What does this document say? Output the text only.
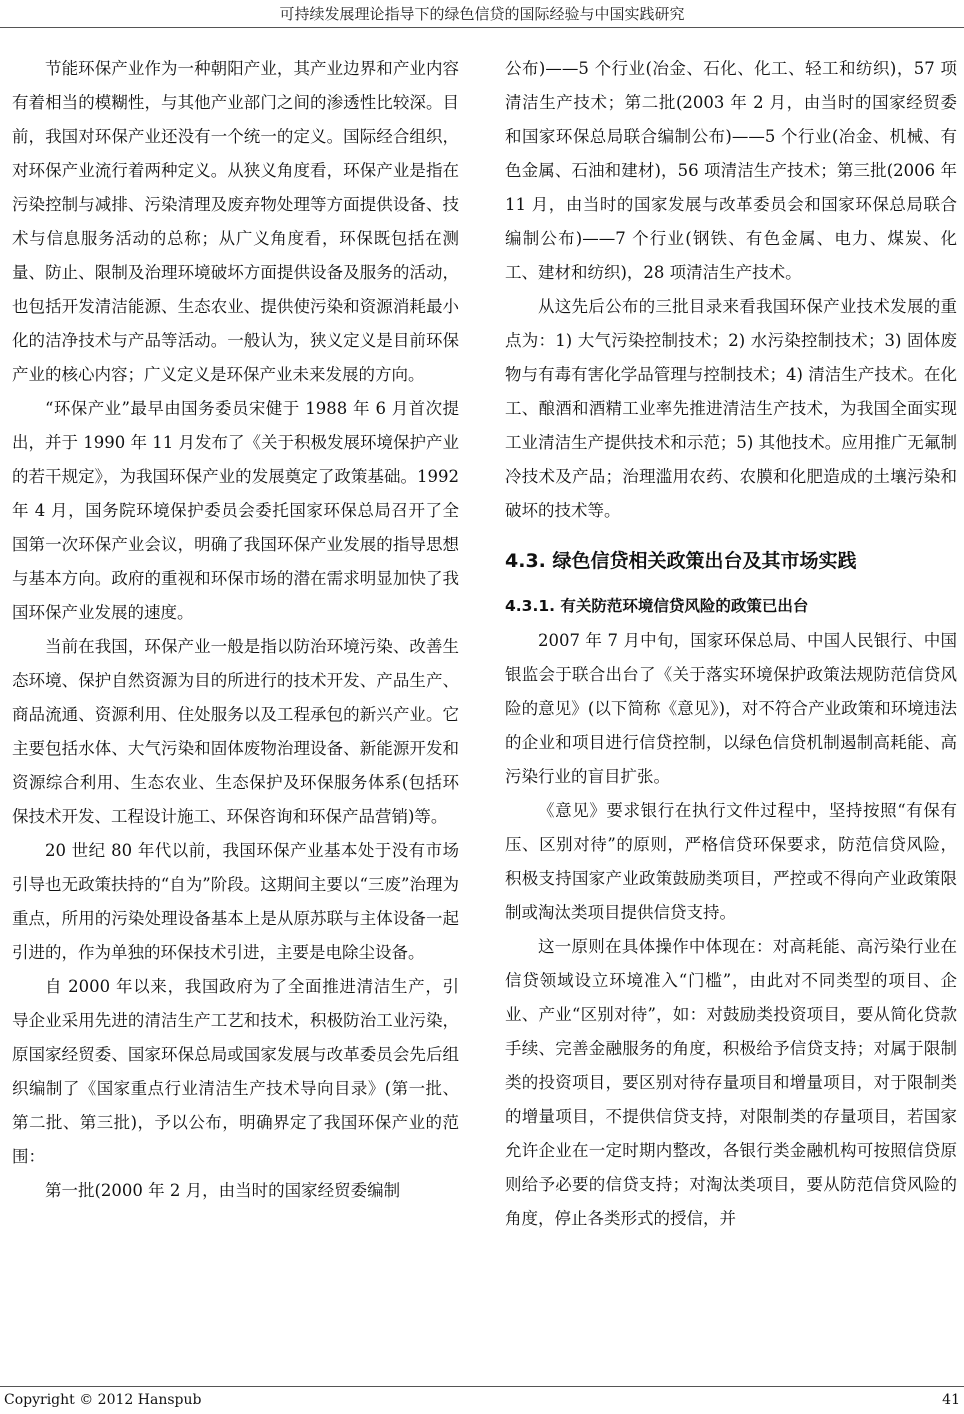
可持续发展理论指导下的绿色信贷的国际经验与中国实践研究

节能环保产业作为一种朝阳产业，其产业边界和产业内容有着相当的模糊性，与其他产业部门之间的渗透性比较深。目前，我国对环保产业还没有一个统一的定义。国际经合组织，对环保产业流行着两种定义。从狭义角度看，环保产业是指在污染控制与减排、污染清理及废弃物处理等方面提供设备、技术与信息服务活动的总称；从广义角度看，环保既包括在测量、防止、限制及治理环境破坏方面提供设备及服务的活动，也包括开发清洁能源、生态农业、提供使污染和资源消耗最小化的洁净技术与产品等活动。一般认为，狭义定义是目前环保产业的核心内容；广义定义是环保产业未来发展的方向。

“环保产业”最早由国务委员宋健于 1988 年 6 月首次提出，并于 1990 年 11 月发布了《关于积极发展环境保护产业的若干规定》，为我国环保产业的发展奠定了政策基础。1992 年 4 月，国务院环境保护委员会委托国家环保总局召开了全国第一次环保产业会议，明确了我国环保产业发展的指导思想与基本方向。政府的重视和环保市场的潜在需求明显加快了我国环保产业发展的速度。

当前在我国，环保产业一般是指以防治环境污染、改善生态环境、保护自然资源为目的所进行的技术开发、产品生产、商品流通、资源利用、住处服务以及工程承包的新兴产业。它主要包括水体、大气污染和固体废物治理设备、新能源开发和资源综合利用、生态农业、生态保护及环保服务体系(包括环保技术开发、工程设计施工、环保咨询和环保产品营销)等。

20 世纪 80 年代以前，我国环保产业基本处于没有市场引导也无政策扶持的“自为”阶段。这期间主要以“三废”治理为重点，所用的污染处理设备基本上是从原苏联与主体设备一起引进的，作为单独的环保技术引进，主要是电除尘设备。

自 2000 年以来，我国政府为了全面推进清洁生产，引导企业采用先进的清洁生产工艺和技术，积极防治工业污染，原国家经贸委、国家环保总局或国家发展与改革委员会先后组织编制了《国家重点行业清洁生产技术导向目录》(第一批、第二批、第三批)，予以公布，明确界定了我国环保产业的范围：

第一批(2000 年 2 月，由当时的国家经贸委编制

公布)——5 个行业(冶金、石化、化工、轻工和纺织)，57 项清洁生产技术；第二批(2003 年 2 月，由当时的国家经贸委和国家环保总局联合编制公布)——5 个行业(冶金、机械、有色金属、石油和建材)，56 项清洁生产技术；第三批(2006 年 11 月，由当时的国家发展与改革委员会和国家环保总局联合编制公布)——7 个行业(钢铁、有色金属、电力、煤炭、化工、建材和纺织)，28 项清洁生产技术。

从这先后公布的三批目录来看我国环保产业技术发展的重点为：1) 大气污染控制技术；2) 水污染控制技术；3) 固体废物与有毒有害化学品管理与控制技术；4) 清洁生产技术。在化工、酿酒和酒精工业率先推进清洁生产技术，为我国全面实现工业清洁生产提供技术和示范；5) 其他技术。应用推广无氟制冷技术及产品；治理滥用农药、农膜和化肥造成的土壤污染和破坏的技术等。

4.3. 绿色信贷相关政策出台及其市场实践
4.3.1. 有关防范环境信贷风险的政策已出台

2007 年 7 月中旬，国家环保总局、中国人民银行、中国银监会于联合出台了《关于落实环境保护政策法规防范信贷风险的意见》(以下简称《意见》)，对不符合产业政策和环境违法的企业和项目进行信贷控制，以绿色信贷机制遏制高耗能、高污染行业的盲目扩张。

《意见》要求银行在执行文件过程中，坚持按照“有保有压、区别对待”的原则，严格信贷环保要求，防范信贷风险，积极支持国家产业政策鼓励类项目，严控或不得向产业政策限制或淘汰类项目提供信贷支持。

这一原则在具体操作中体现在：对高耗能、高污染行业在信贷领域设立环境准入“门槛”，由此对不同类型的项目、企业、产业“区别对待”，如：对鼓励类投资项目，要从简化贷款手续、完善金融服务的角度，积极给予信贷支持；对属于限制类的投资项目，要区别对待存量项目和增量项目，对于限制类的增量项目，不提供信贷支持，对限制类的存量项目，若国家允许企业在一定时期内整改，各银行类金融机构可按照信贷原则给予必要的信贷支持；对淘汰类项目，要从防范信贷风险的角度，停止各类形式的授信，并

Copyright © 2012 Hanspub	41
